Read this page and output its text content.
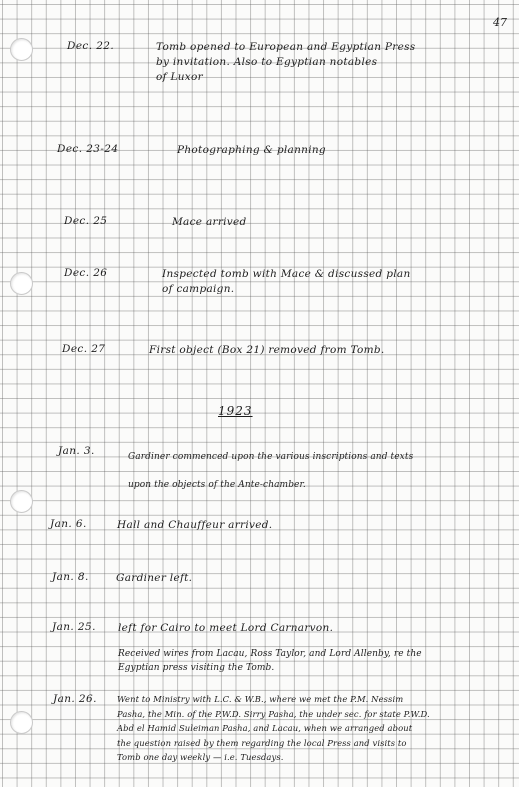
47
Dec. 22.	Tomb opened to European and Egyptian Press
by invitation. Also to Egyptian notables
of Luxor
Dec. 23-24	Photographing & planning
Dec. 25	Mace arrived
Dec. 26	Inspected tomb with Mace & discussed plan
of campaign.
Dec. 27	First object (Box 21) removed from Tomb.
1923
Jan. 3.	Gardiner commenced upon the various inscriptions and texts
upon the objects of the Ante-chamber.
Jan. 6.	Hall and Chauffeur arrived.
Jan. 8.	Gardiner left.
Jan. 25. left for Cairo to meet Lord Carnarvon.
Received wires from Lacau, Ross Taylor, and Lord Allenby, re the
Egyptian press visiting the Tomb.
Jan. 26. Went to Ministry with L.C. & W.B., where we met the P.M. Nessim
Pasha, the Min. of the P.W.D. Sirry Pasha, the under sec. for state P.W.D.
Abd el Hamid Suleiman Pasha, and Lacau, when we arranged about
the question raised by them regarding the local Press and visits to
Tomb one day weekly — i.e. Tuesdays.
